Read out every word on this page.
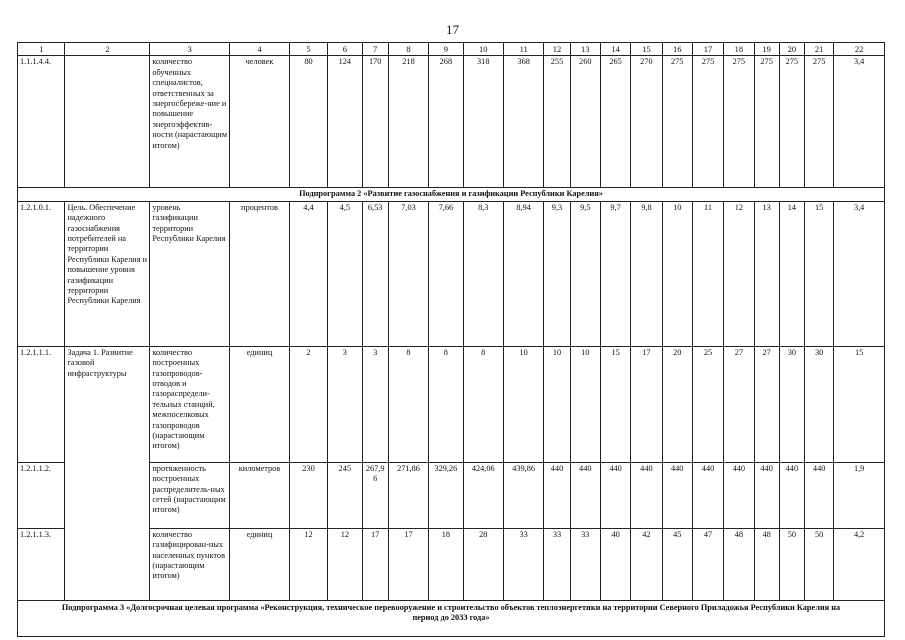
17
1	2	3	4	5	6	7	8	9	10	11	12	13	14	15	16	17	18	19	20	21	22
1.1.1.4.4.		количество обученных специалистов, ответственных за энергосбереже-ние и повышение энергоэффектив-ности (нарастающим итогом)	человек	80	124	170	218	268	318	368	255	260	265	270	275	275	275	275	275	275	3,4
Подпрограмма 2 «Развитие газоснабжения и газификации Республики Карелия»																					
1.2.1.0.1.	Цель. Обеспечение надежного газоснабжения потребителей на территории Республики Карелия и повышение уровня газификации территории Республики Карелия	уровень газификации территории Республики Карелия	процентов	4,4	4,5	6,53	7,03	7,66	8,3	8,94	9,3	9,5	9,7	9,8	10	11	12	13	14	15	3,4
1.2.1.1.1.	Задача 1. Развитие газовой инфраструктуры	количество построенных газопроводов-отводов и газораспредели-тельных станций, межпоселковых газопроводов (нарастающим итогом)	единиц	2	3	3	8	8	8	10	10	10	15	17	20	25	27	27	30	30	15
1.2.1.1.2.		протяженность построенных распределитель-ных сетей (нарастающим итогом)	километров	230	245	267,96	271,86	329,26	424,06	439,86	440	440	440	440	440	440	440	440	440	440	1,9
1.2.1.1.3.		количество газифицирован-ных населенных пунктов (нарастающим итогом)	единиц	12	12	17	17	18	28	33	33	33	40	42	45	47	48	48	50	50	4,2
Подпрограмма 3 «Долгосрочная целевая программа «Реконструкция, техническое перевооружение и строительство объектов теплоэнергетики на территории Северного Приладожья Республики Карелия на период до 2033 года»																					
